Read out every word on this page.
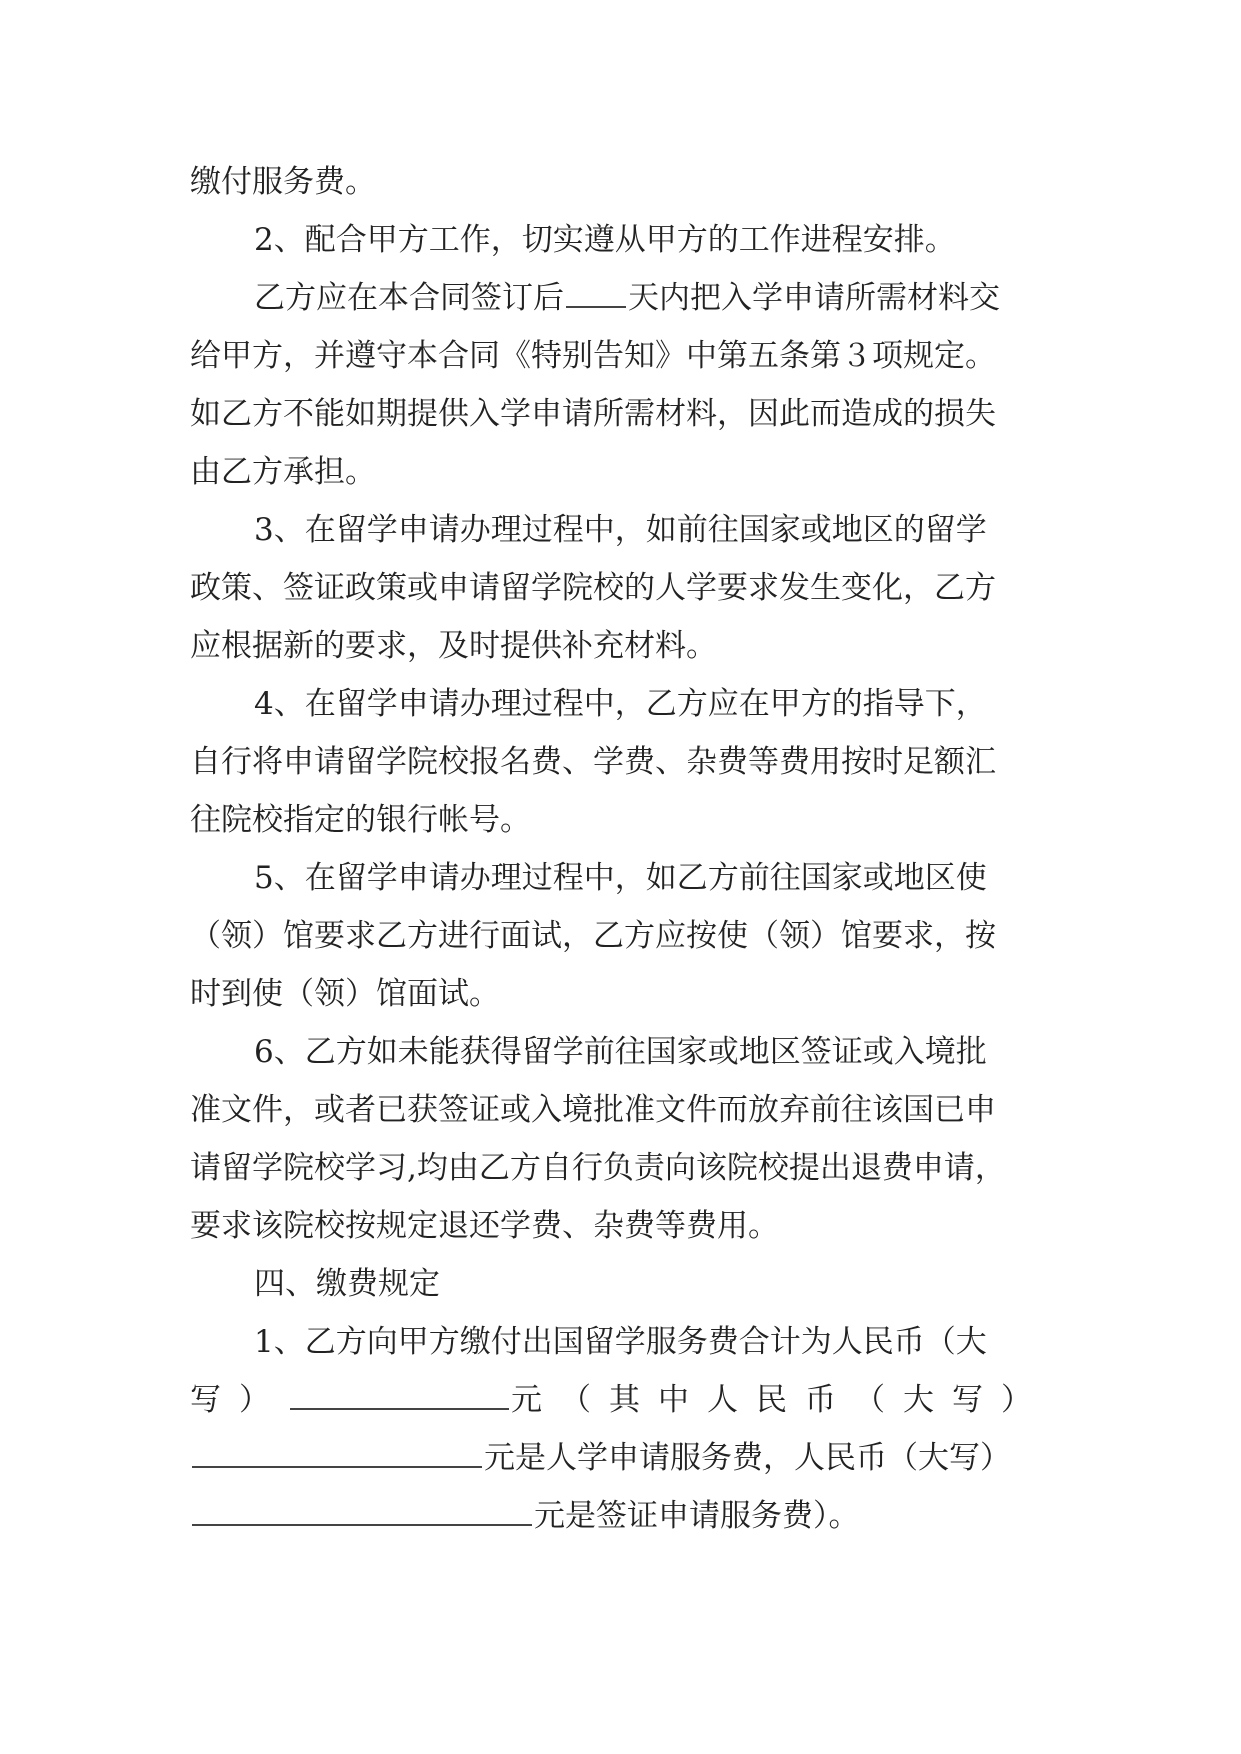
缴付服务费。
2、配合甲方工作，切实遵从甲方的工作进程安排。
乙方应在本合同签订后 天内把入学申请所需材料交
给甲方，并遵守本合同《特别告知》中第五条第３项规定。
如乙方不能如期提供入学申请所需材料，因此而造成的损失
由乙方承担。
3、在留学申请办理过程中，如前往国家或地区的留学
政策、签证政策或申请留学院校的人学要求发生变化，乙方
应根据新的要求，及时提供补充材料。
4、在留学申请办理过程中，乙方应在甲方的指导下，
自行将申请留学院校报名费、学费、杂费等费用按时足额汇
往院校指定的银行帐号。
5、在留学申请办理过程中，如乙方前往国家或地区使
（领）馆要求乙方进行面试，乙方应按使（领）馆要求，按
时到使（领）馆面试。
6、乙方如未能获得留学前往国家或地区签证或入境批
准文件，或者已获签证或入境批准文件而放弃前往该国已申
请留学院校学习,均由乙方自行负责向该院校提出退费申请，
要求该院校按规定退还学费、杂费等费用。
四、缴费规定
1、乙方向甲方缴付出国留学服务费合计为人民币（大
写）	元（其中人民币（大写）
元是人学申请服务费，人民币（大写）
元是签证申请服务费）。
